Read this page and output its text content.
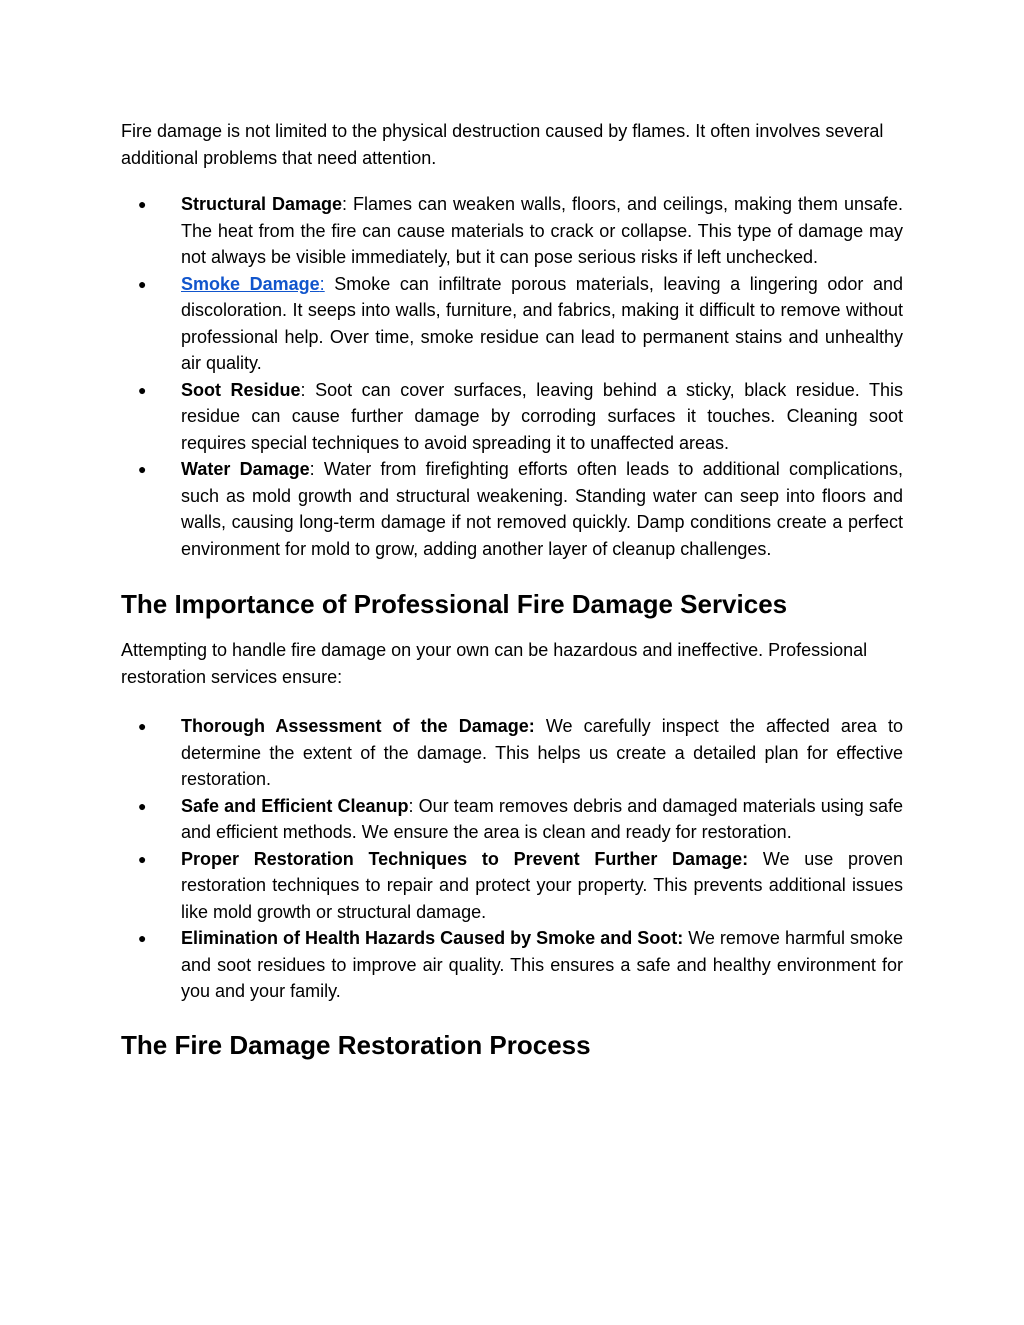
Fire damage is not limited to the physical destruction caused by flames. It often involves several additional problems that need attention.

● Structural Damage: Flames can weaken walls, floors, and ceilings, making them unsafe. The heat from the fire can cause materials to crack or collapse. This type of damage may not always be visible immediately, but it can pose serious risks if left unchecked.
● Smoke Damage: Smoke can infiltrate porous materials, leaving a lingering odor and discoloration. It seeps into walls, furniture, and fabrics, making it difficult to remove without professional help. Over time, smoke residue can lead to permanent stains and unhealthy air quality.
● Soot Residue: Soot can cover surfaces, leaving behind a sticky, black residue. This residue can cause further damage by corroding surfaces it touches. Cleaning soot requires special techniques to avoid spreading it to unaffected areas.
● Water Damage: Water from firefighting efforts often leads to additional complications, such as mold growth and structural weakening. Standing water can seep into floors and walls, causing long-term damage if not removed quickly. Damp conditions create a perfect environment for mold to grow, adding another layer of cleanup challenges.
The Importance of Professional Fire Damage Services

Attempting to handle fire damage on your own can be hazardous and ineffective. Professional restoration services ensure:

● Thorough Assessment of the Damage: We carefully inspect the affected area to determine the extent of the damage. This helps us create a detailed plan for effective restoration.
● Safe and Efficient Cleanup: Our team removes debris and damaged materials using safe and efficient methods. We ensure the area is clean and ready for restoration.
● Proper Restoration Techniques to Prevent Further Damage: We use proven restoration techniques to repair and protect your property. This prevents additional issues like mold growth or structural damage.
● Elimination of Health Hazards Caused by Smoke and Soot: We remove harmful smoke and soot residues to improve air quality. This ensures a safe and healthy environment for you and your family.
The Fire Damage Restoration Process
